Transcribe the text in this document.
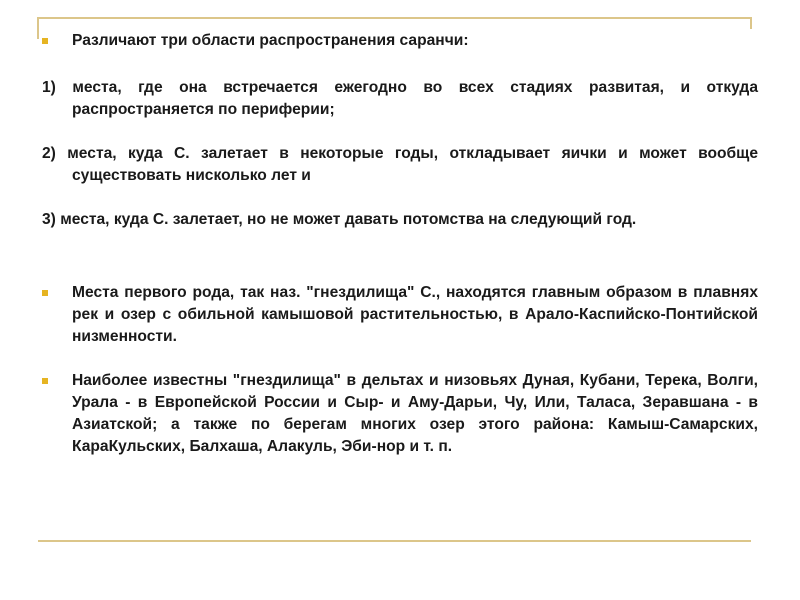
Различают три области распространения саранчи:
1) места, где она встречается ежегодно во всех стадиях развитая, и откуда распространяется по периферии;
2) места, куда С. залетает в некоторые годы, откладывает яички и может вообще существовать нисколько лет и
3) места, куда С. залетает, но не может давать потомства на следующий год.
Места первого рода, так наз. "гнездилища" С., находятся главным образом в плавнях рек и озер с обильной камышовой растительностью, в Арало-Каспийско-Понтийской низменности.
Наиболее известны "гнездилища" в дельтах и низовьях Дуная, Кубани, Терека, Волги, Урала - в Европейской России и Сыр- и Аму-Дарьи, Чу, Или, Таласа, Зеравшана - в Азиатской; а также по берегам многих озер этого района: Камыш-Самарских, КараКульских, Балхаша, Алакуль, Эби-нор и т. п.
